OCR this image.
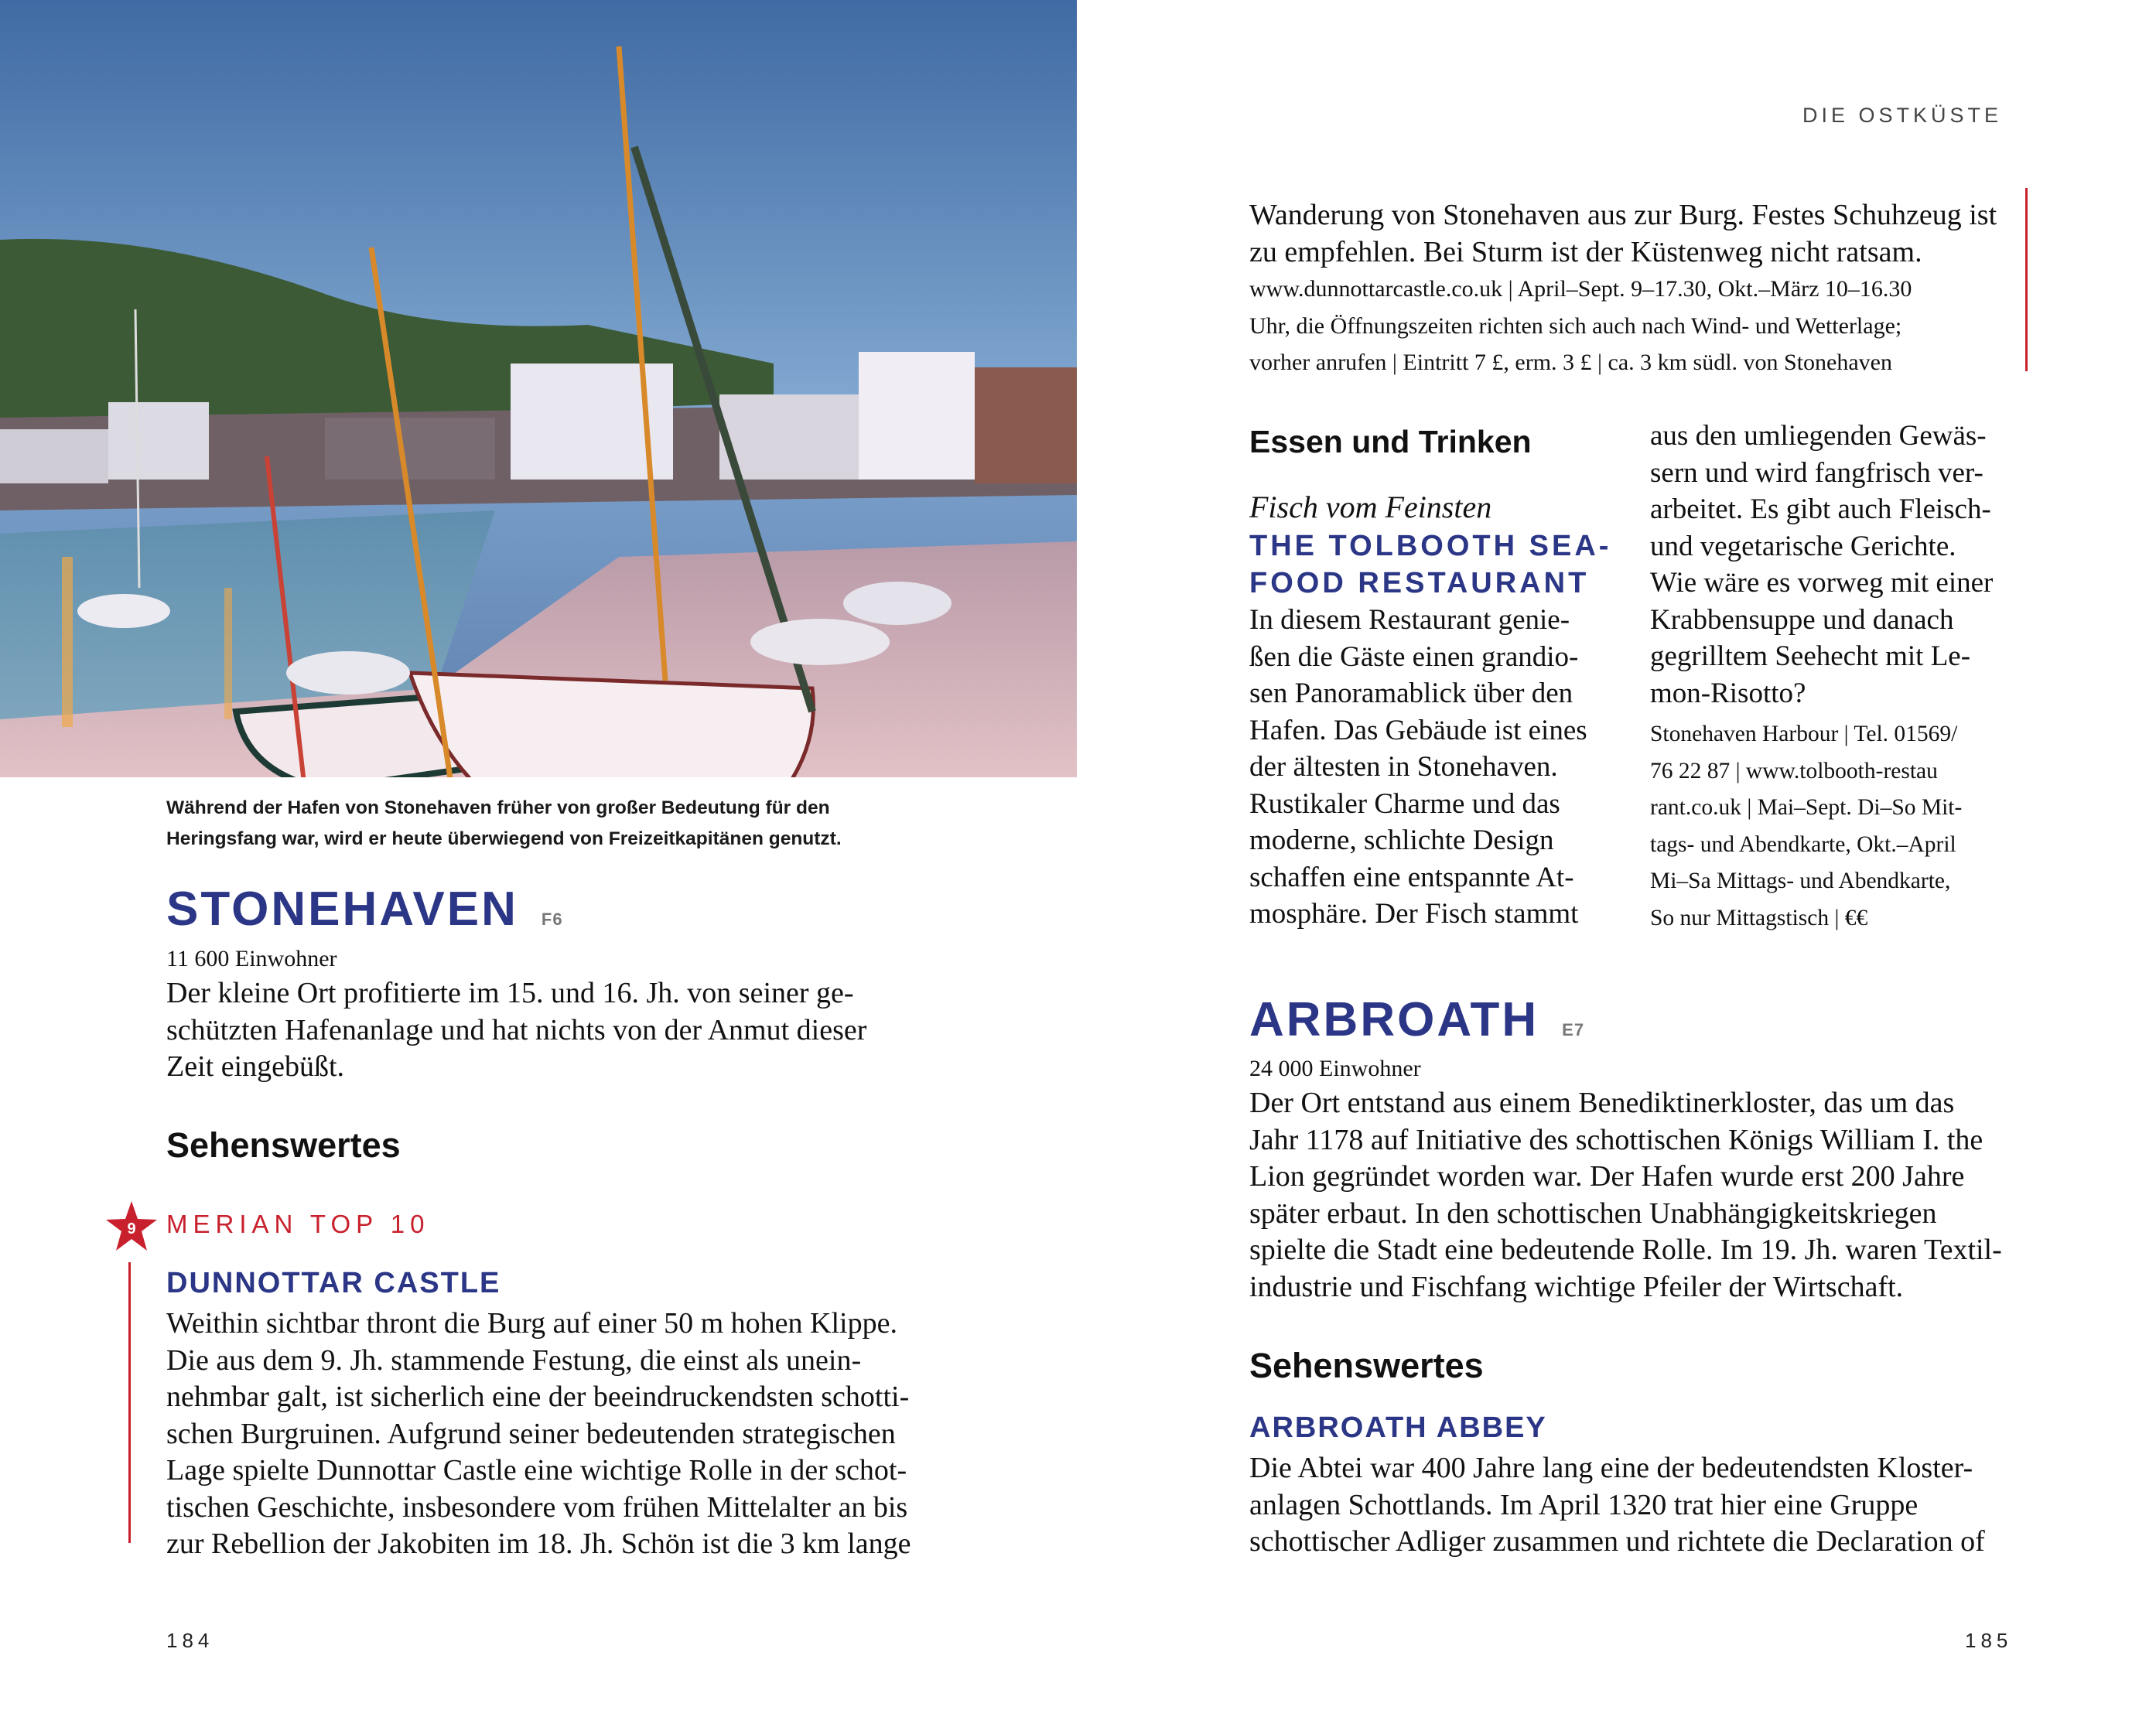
Während der Hafen von Stonehaven früher von großer Bedeutung für den
Heringsfang war, wird er heute überwiegend von Freizeitkapitänen genutzt.
DIE OSTKÜSTE
STONEHAVEN F6
11 600 Einwohner
Der kleine Ort profitierte im 15. und 16. Jh. von seiner ge-
schützten Hafenanlage und hat nichts von der Anmut dieser
Zeit eingebüßt.
Sehenswertes
9 MERIAN TOP 10
DUNNOTTAR CASTLE
Weithin sichtbar thront die Burg auf einer 50 m hohen Klippe.
Die aus dem 9. Jh. stammende Festung, die einst als unein-
nehmbar galt, ist sicherlich eine der beeindruckendsten schotti-
schen Burgruinen. Aufgrund seiner bedeutenden strategischen
Lage spielte Dunnottar Castle eine wichtige Rolle in der schot-
tischen Geschichte, insbesondere vom frühen Mittelalter an bis
zur Rebellion der Jakobiten im 18. Jh. Schön ist die 3 km lange
184
Wanderung von Stonehaven aus zur Burg. Festes Schuhzeug ist
zu empfehlen. Bei Sturm ist der Küstenweg nicht ratsam.
www.dunnottarcastle.co.uk | April–Sept. 9–17.30, Okt.–März 10–16.30
Uhr, die Öffnungszeiten richten sich auch nach Wind- und Wetterlage;
vorher anrufen | Eintritt 7 £, erm. 3 £ | ca. 3 km südl. von Stonehaven
Essen und Trinken
Fisch vom Feinsten
THE TOLBOOTH SEA-
FOOD RESTAURANT
In diesem Restaurant genie-
ßen die Gäste einen grandio-
sen Panoramablick über den
Hafen. Das Gebäude ist eines
der ältesten in Stonehaven.
Rustikaler Charme und das
moderne, schlichte Design
schaffen eine entspannte At-
mosphäre. Der Fisch stammt
aus den umliegenden Gewäs-
sern und wird fangfrisch ver-
arbeitet. Es gibt auch Fleisch-
und vegetarische Gerichte.
Wie wäre es vorweg mit einer
Krabbensuppe und danach
gegrilltem Seehecht mit Le-
mon-Risotto?
Stonehaven Harbour | Tel. 01569/
76 22 87 | www.tolbooth-restau
rant.co.uk | Mai–Sept. Di–So Mit-
tags- und Abendkarte, Okt.–April
Mi–Sa Mittags- und Abendkarte,
So nur Mittagstisch | €€
ARBROATH E7
24 000 Einwohner
Der Ort entstand aus einem Benediktinerkloster, das um das
Jahr 1178 auf Initiative des schottischen Königs William I. the
Lion gegründet worden war. Der Hafen wurde erst 200 Jahre
später erbaut. In den schottischen Unabhängigkeitskriegen
spielte die Stadt eine bedeutende Rolle. Im 19. Jh. waren Textil-
industrie und Fischfang wichtige Pfeiler der Wirtschaft.
Sehenswertes
ARBROATH ABBEY
Die Abtei war 400 Jahre lang eine der bedeutendsten Kloster-
anlagen Schottlands. Im April 1320 trat hier eine Gruppe
schottischer Adliger zusammen und richtete die Declaration of
185
